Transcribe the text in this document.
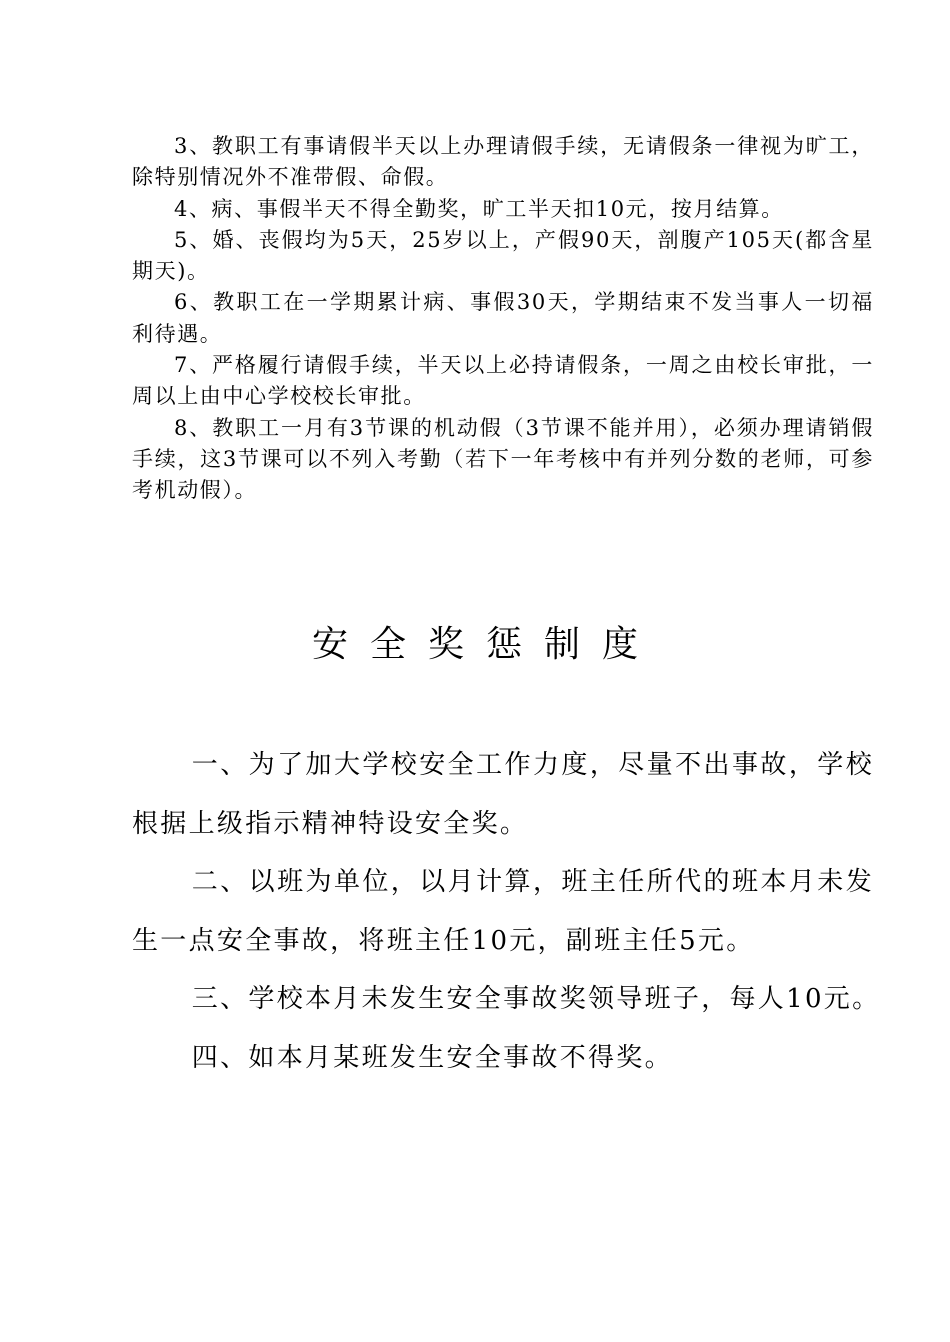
3、教职工有事请假半天以上办理请假手续，无请假条一律视为旷工，除特别情况外不准带假、命假。

4、病、事假半天不得全勤奖，旷工半天扣10元，按月结算。

5、婚、丧假均为5天，25岁以上，产假90天，剖腹产105天(都含星期天)。

6、教职工在一学期累计病、事假30天，学期结束不发当事人一切福利待遇。

7、严格履行请假手续，半天以上必持请假条，一周之由校长审批，一周以上由中心学校校长审批。

8、教职工一月有3节课的机动假（3节课不能并用），必须办理请销假手续，这3节课可以不列入考勤（若下一年考核中有并列分数的老师，可参考机动假）。

安全奖惩制度

一、为了加大学校安全工作力度，尽量不出事故，学校根据上级指示精神特设安全奖。

二、以班为单位，以月计算，班主任所代的班本月未发生一点安全事故，将班主任10元，副班主任5元。

三、学校本月未发生安全事故奖领导班子，每人10元。

四、如本月某班发生安全事故不得奖。
